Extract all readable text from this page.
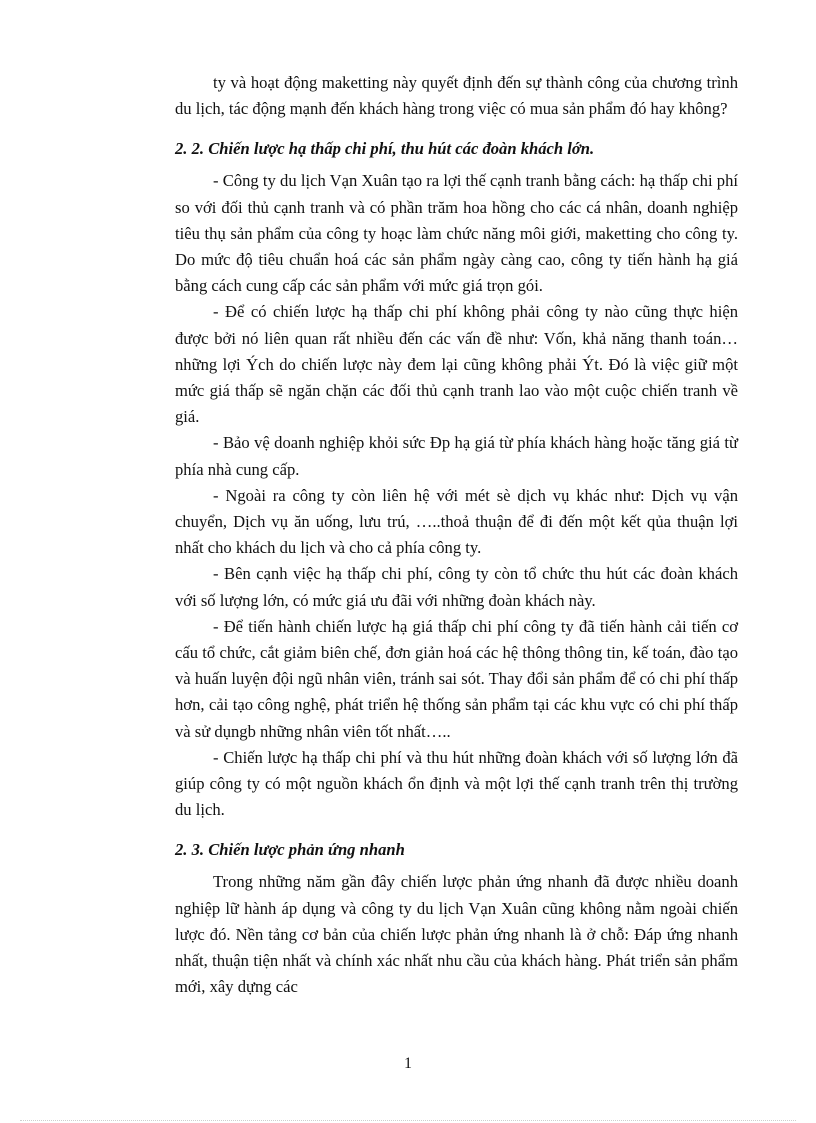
ty và hoạt động maketting này quyết định đến sự thành công của chương trình du lịch, tác động mạnh đến khách hàng trong việc có mua sản phẩm đó hay không?

2. 2. Chiến lược hạ thấp chi phí, thu hút các đoàn khách lớn.

- Công ty du lịch Vạn Xuân tạo ra lợi thế cạnh tranh bằng cách: hạ thấp chi phí so với đối thủ cạnh tranh và có phần trăm hoa hồng cho các cá nhân, doanh nghiệp tiêu thụ sản phẩm của công ty hoạc làm chức năng môi giới, maketting cho công ty. Do mức độ tiêu chuẩn hoá các sản phẩm ngày càng cao, công ty tiến hành hạ giá bằng cách cung cấp các sản phẩm với mức giá trọn gói.

- Để có chiến lược hạ thấp chi phí không phải công ty nào cũng thực hiện được bởi nó liên quan rất nhiều đến các vấn đề như: Vốn, khả năng thanh toán… những lợi Ých do chiến lược này đem lại cũng không phải Ýt. Đó là việc giữ một mức giá thấp sẽ ngăn chặn các đối thủ cạnh tranh lao vào một cuộc chiến tranh về giá.

- Bảo vệ doanh nghiệp khỏi sức Ðp hạ giá từ phía khách hàng hoặc tăng giá từ phía nhà cung cấp.

- Ngoài ra công ty còn liên hệ với mét sè dịch vụ khác như: Dịch vụ vận chuyển, Dịch vụ ăn uống, lưu trú, …..thoả thuận để đi đến một kết qủa thuận lợi nhất cho khách du lịch và cho cả phía công ty.

- Bên cạnh việc hạ thấp chi phí, công ty còn tổ chức thu hút các đoàn khách với số lượng lớn, có mức giá ưu đãi với những đoàn khách này.

- Để tiến hành chiến lược hạ giá thấp chi phí công ty đã tiến hành cải tiến cơ cấu tổ chức, cắt giảm biên chế, đơn giản hoá các hệ thông thông tin, kế toán, đào tạo và huấn luyện đội ngũ nhân viên, tránh sai sót. Thay đổi sản phẩm để có chi phí thấp hơn, cải tạo công nghệ, phát triển hệ thống sản phẩm tại các khu vực có chi phí thấp và sử dụngb những nhân viên tốt nhất…..

- Chiến lược hạ thấp chi phí và thu hút những đoàn khách với số lượng lớn đã giúp công ty có một nguồn khách ổn định và một lợi thế cạnh tranh trên thị trường du lịch.

2. 3. Chiến lược phản ứng nhanh

Trong những năm gần đây chiến lược phản ứng nhanh đã được nhiều doanh nghiệp lữ hành áp dụng và công ty du lịch Vạn Xuân cũng không nằm ngoài chiến lược đó. Nền tảng cơ bản của chiến lược phản ứng nhanh là ở chỗ: Đáp ứng nhanh nhất, thuận tiện nhất và chính xác nhất nhu cầu của khách hàng. Phát triển sản phẩm mới, xây dựng các

1
